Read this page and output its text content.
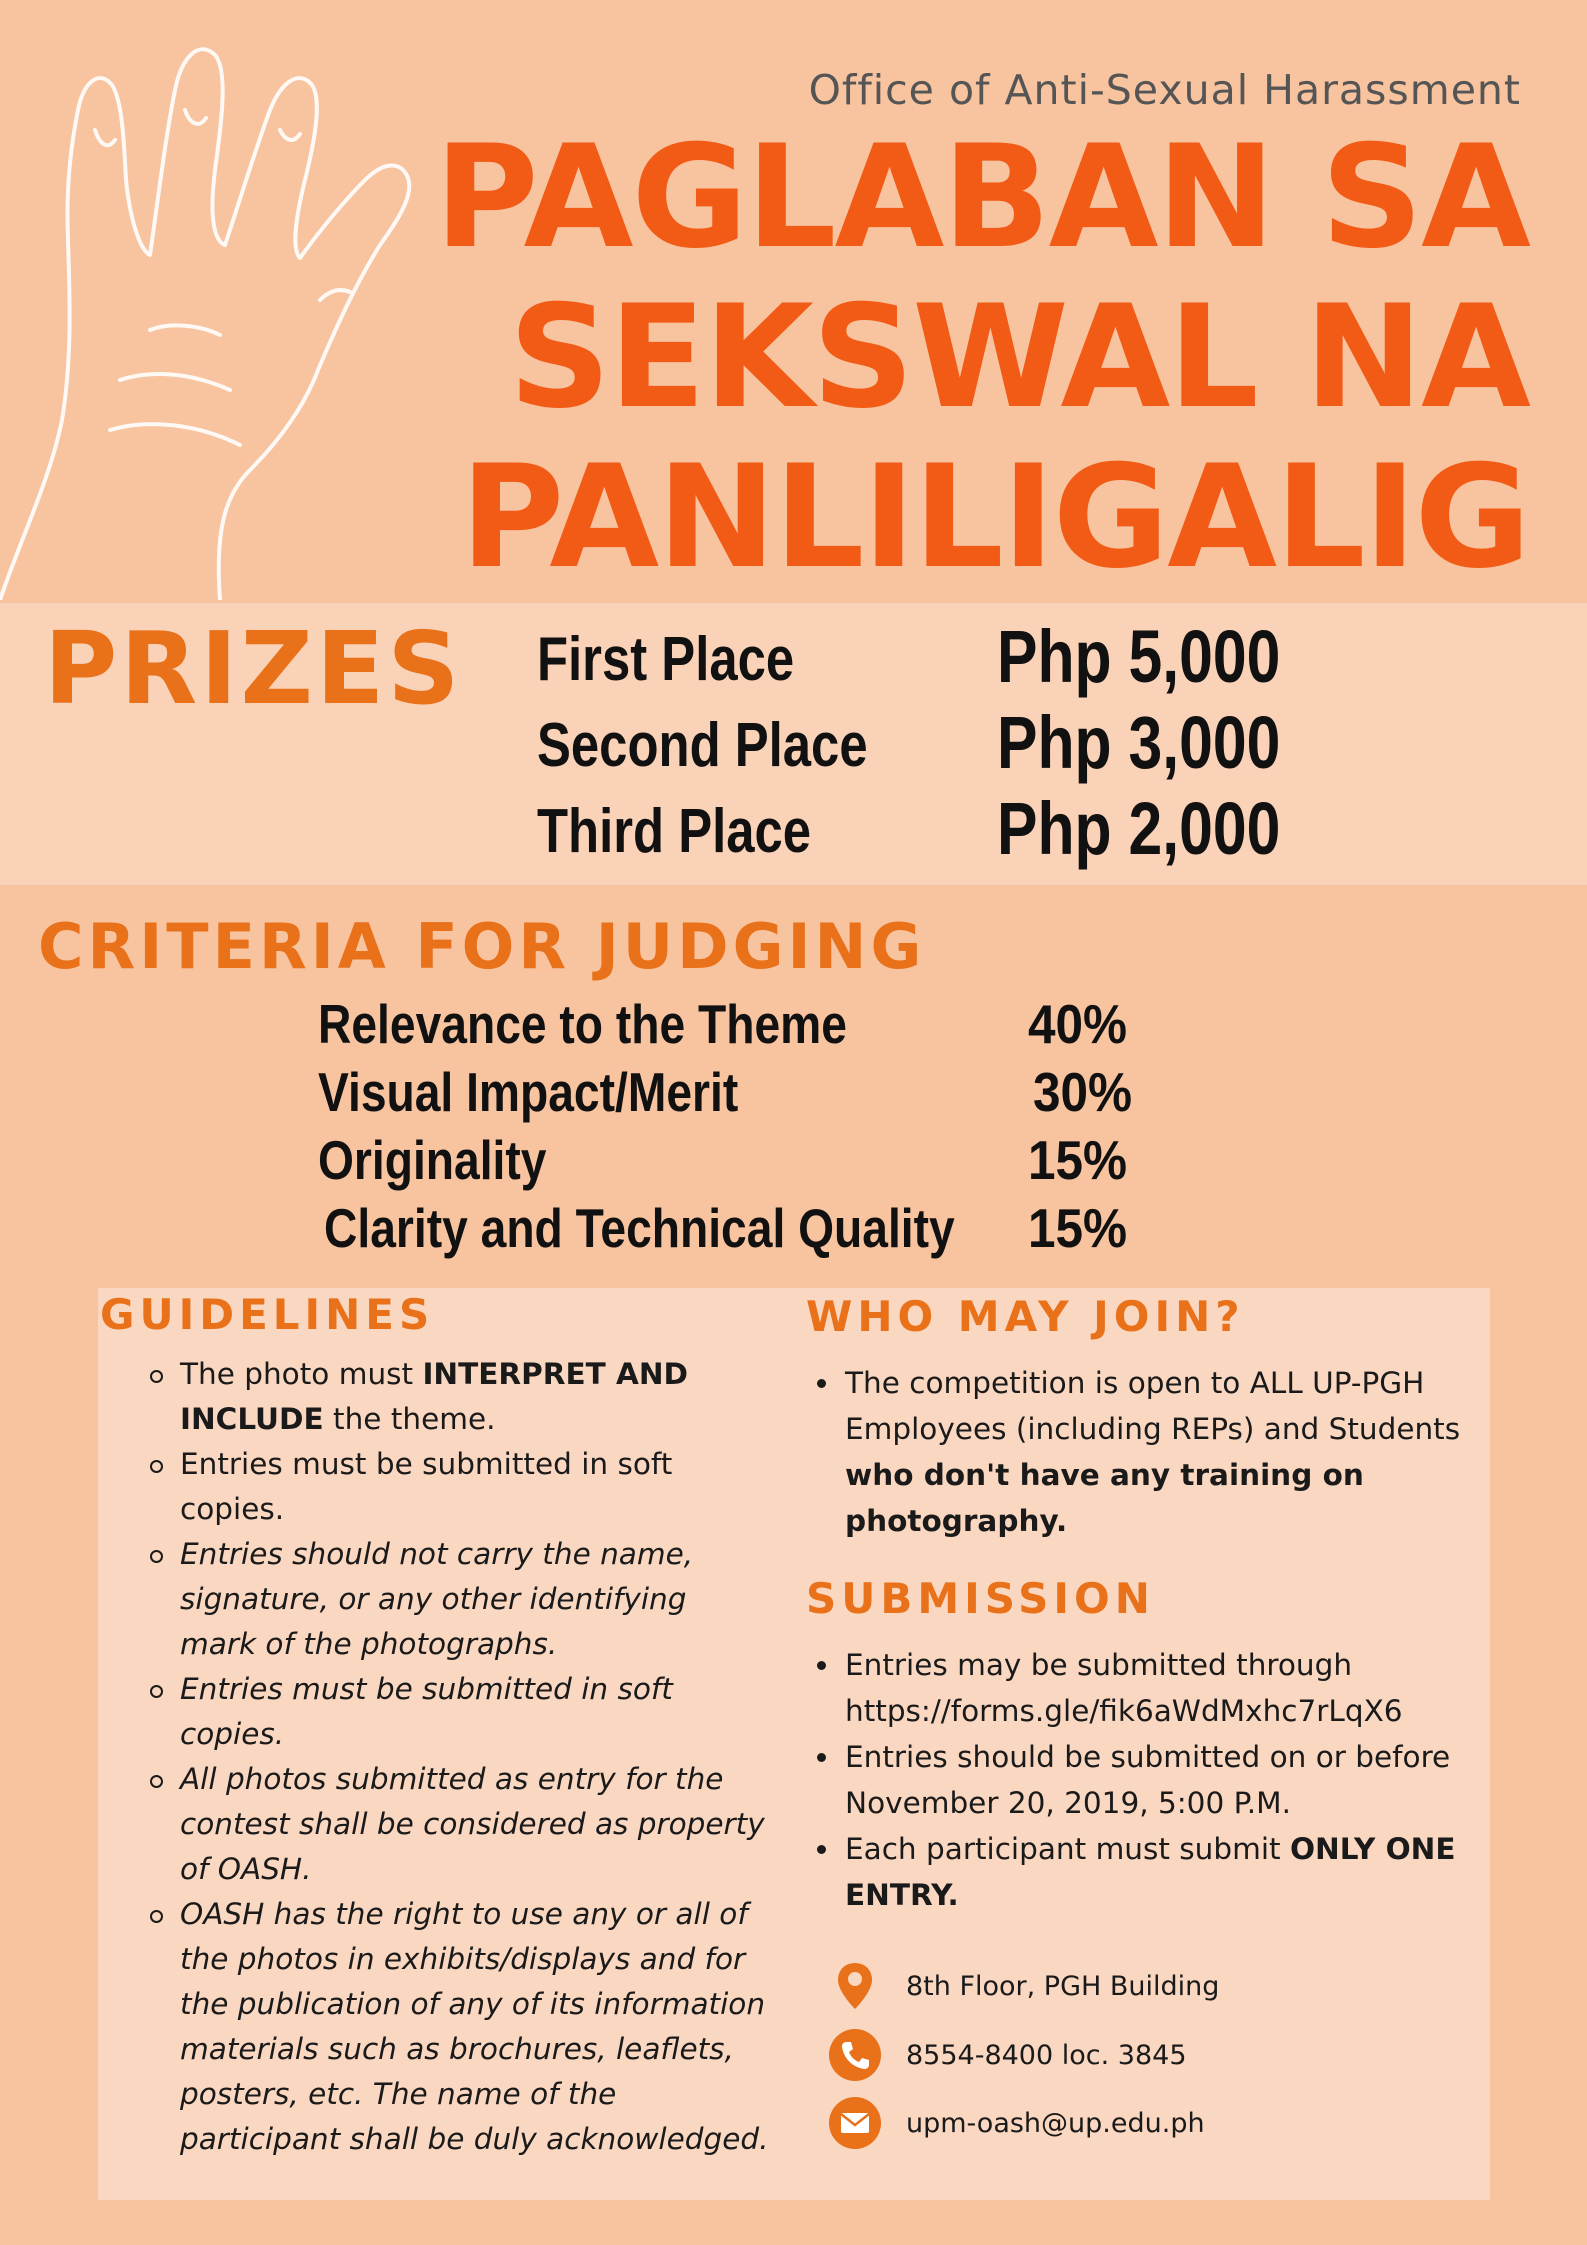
Office of Anti-Sexual Harassment
PAGLABAN SA
SEKSWAL NA
PANLILIGALIG
PRIZES First Place	Php 5,000
Second Place Php 3,000
Third Place	Php 2,000
CRITERIA FOR JUDGING
Relevance to the Theme	40%
Visual Impact/Merit	30%
Originality	15%
Clarity and Technical Quality 15%
GUIDELINES
The photo must INTERPRET AND INCLUDE the theme.
Entries must be submitted in soft copies.
Entries should not carry the name, signature, or any other identifying mark of the photographs.
Entries must be submitted in soft copies.
All photos submitted as entry for the contest shall be considered as property of OASH.
OASH has the right to use any or all of the photos in exhibits/displays and for the publication of any of its information materials such as brochures, leaflets, posters, etc. The name of the participant shall be duly acknowledged.
WHO MAY JOIN?
The competition is open to ALL UP-PGH Employees (including REPs) and Students who don't have any training on photography.
SUBMISSION
Entries may be submitted through https://forms.gle/fik6aWdMxhc7rLqX6
Entries should be submitted on or before November 20, 2019, 5:00 P.M.
Each participant must submit ONLY ONE ENTRY.
8th Floor, PGH Building
8554-8400 loc. 3845
upm-oash@up.edu.ph
